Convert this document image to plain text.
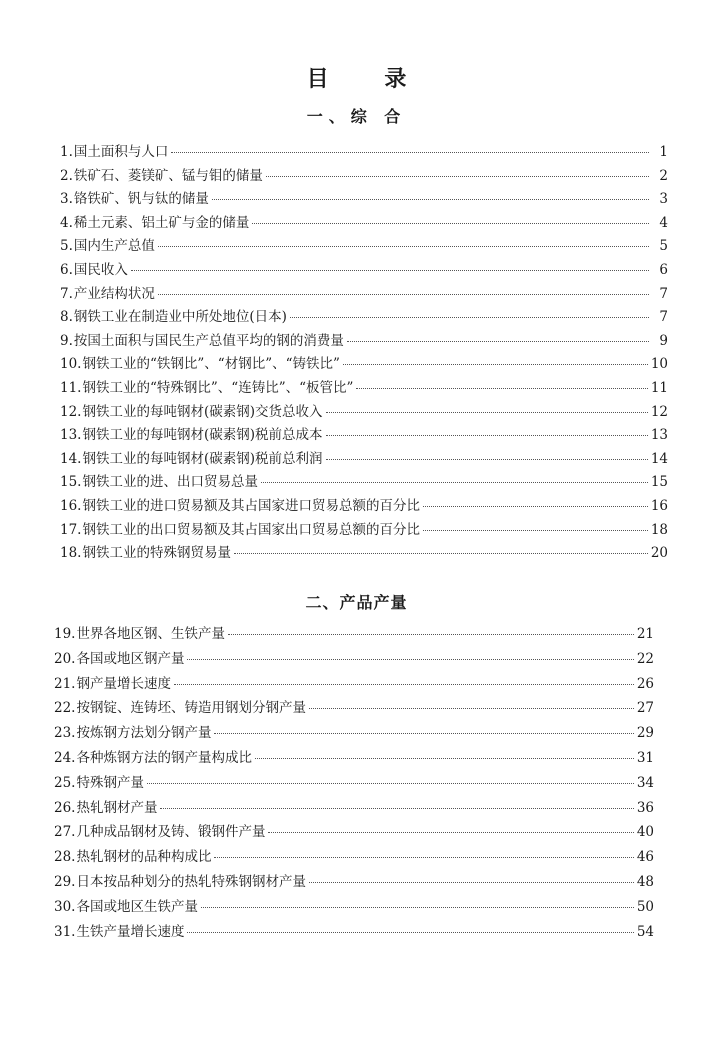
目 录
一、综 合
1. 国土面积与人口	1
2. 铁矿石、菱镁矿、锰与钼的储量	2
3. 铬铁矿、钒与钛的储量	3
4. 稀土元素、铝土矿与金的储量	4
5. 国内生产总值	5
6. 国民收入	6
7. 产业结构状况	7
8. 钢铁工业在制造业中所处地位(日本)	7
9. 按国土面积与国民生产总值平均的钢的消费量	9
10. 钢铁工业的“铁钢比”、“材钢比”、“铸铁比”	10
11. 钢铁工业的“特殊钢比”、“连铸比”、“板管比”	11
12. 钢铁工业的每吨钢材(碳素钢)交货总收入	12
13. 钢铁工业的每吨钢材(碳素钢)税前总成本	13
14. 钢铁工业的每吨钢材(碳素钢)税前总利润	14
15. 钢铁工业的进、出口贸易总量	15
16. 钢铁工业的进口贸易额及其占国家进口贸易总额的百分比	16
17. 钢铁工业的出口贸易额及其占国家出口贸易总额的百分比	18
18. 钢铁工业的特殊钢贸易量	20
二、产品产量
19. 世界各地区钢、生铁产量	21
20. 各国或地区钢产量	22
21. 钢产量增长速度	26
22. 按钢锭、连铸坯、铸造用钢划分钢产量	27
23. 按炼钢方法划分钢产量	29
24. 各种炼钢方法的钢产量构成比	31
25. 特殊钢产量	34
26. 热轧钢材产量	36
27. 几种成品钢材及铸、锻钢件产量	40
28. 热轧钢材的品种构成比	46
29. 日本按品种划分的热轧特殊钢钢材产量	48
30. 各国或地区生铁产量	50
31. 生铁产量增长速度	54
